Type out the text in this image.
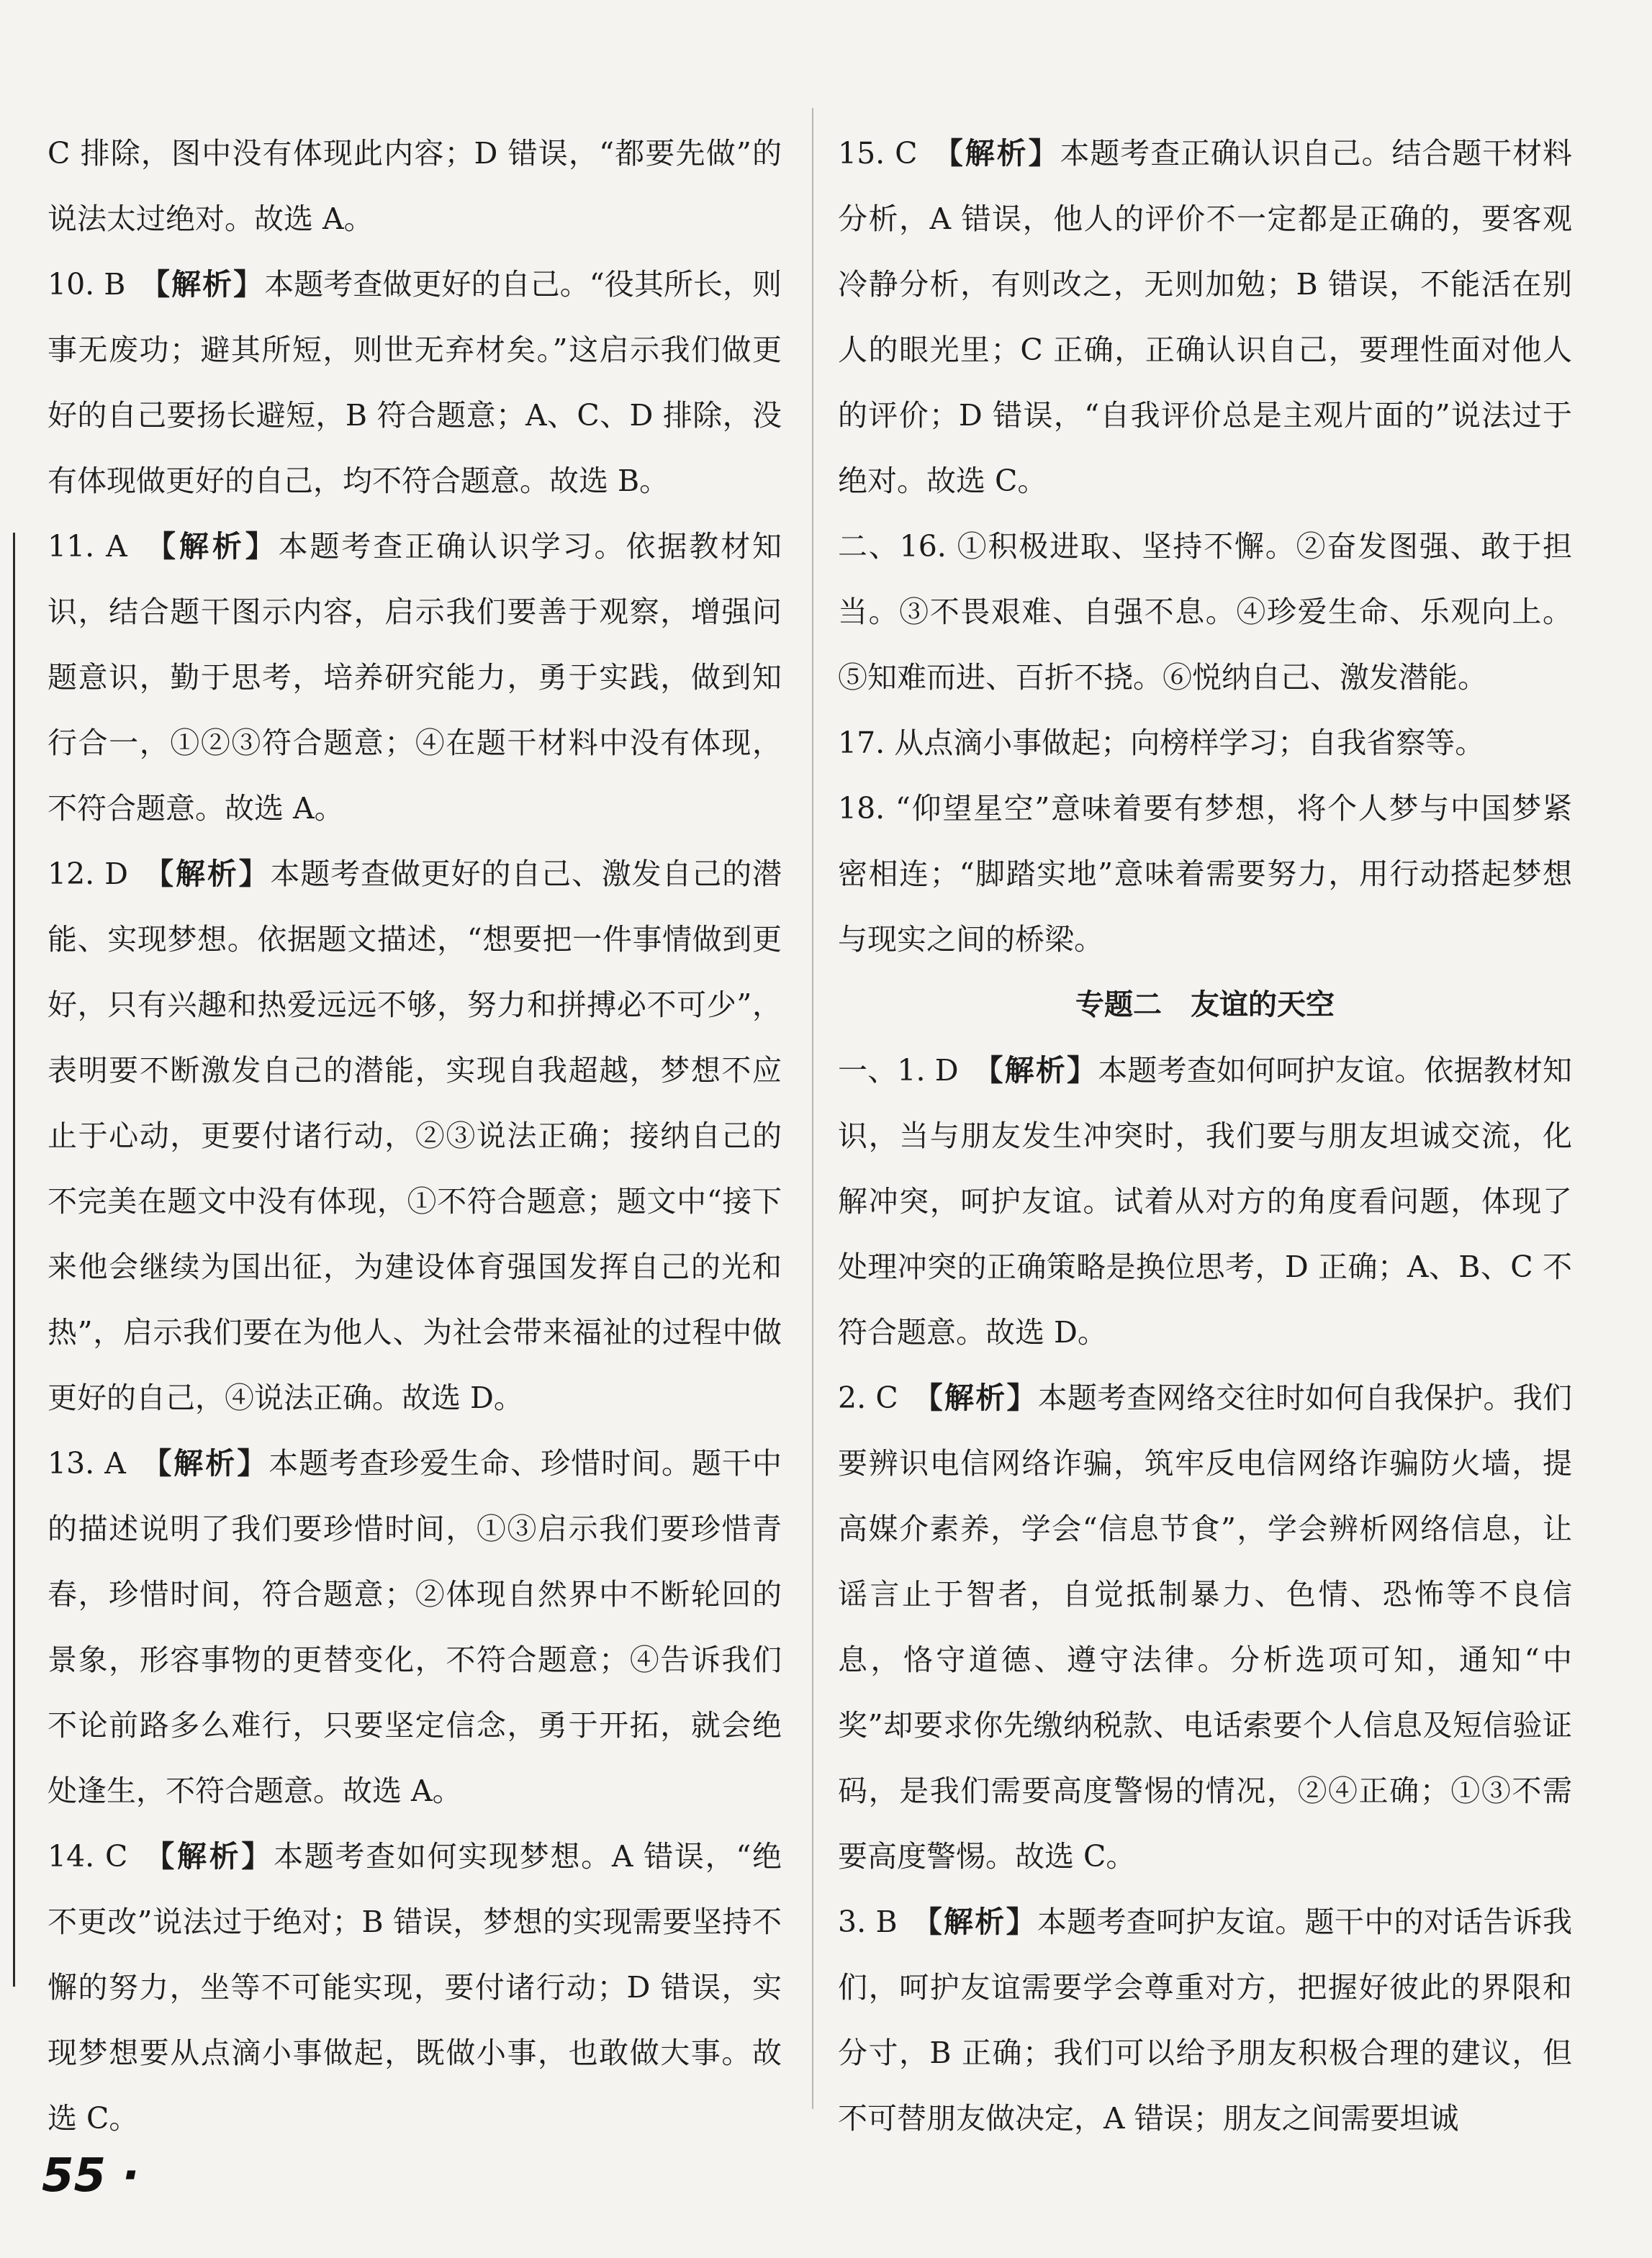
C 排除，图中没有体现此内容；D 错误，“都要先做”的说法太过绝对。故选 A。

10. B　 【解析】本题考查做更好的自己。“役其所长，则事无废功；避其所短，则世无弃材矣。”这启示我们做更好的自己要扬长避短，B 符合题意；A、C、D 排除，没有体现做更好的自己，均不符合题意。故选 B。

11. A　 【解析】本题考查正确认识学习。依据教材知识，结合题干图示内容，启示我们要善于观察，增强问题意识，勤于思考，培养研究能力，勇于实践，做到知行合一，①②③符合题意；④在题干材料中没有体现，不符合题意。故选 A。

12. D　 【解析】本题考查做更好的自己、激发自己的潜能、实现梦想。依据题文描述，“想要把一件事情做到更好，只有兴趣和热爱远远不够，努力和拼搏必不可少”，表明要不断激发自己的潜能，实现自我超越，梦想不应止于心动，更要付诸行动，②③说法正确；接纳自己的不完美在题文中没有体现，①不符合题意；题文中“接下来他会继续为国出征，为建设体育强国发挥自己的光和热”，启示我们要在为他人、为社会带来福祉的过程中做更好的自己，④说法正确。故选 D。

13. A　 【解析】本题考查珍爱生命、珍惜时间。题干中的描述说明了我们要珍惜时间，①③启示我们要珍惜青春，珍惜时间，符合题意；②体现自然界中不断轮回的景象，形容事物的更替变化，不符合题意；④告诉我们不论前路多么难行，只要坚定信念，勇于开拓，就会绝处逢生，不符合题意。故选 A。

14. C　 【解析】本题考查如何实现梦想。A 错误，“绝不更改”说法过于绝对；B 错误，梦想的实现需要坚持不懈的努力，坐等不可能实现，要付诸行动；D 错误，实现梦想要从点滴小事做起，既做小事，也敢做大事。故选 C。

15. C　 【解析】本题考查正确认识自己。结合题干材料分析，A 错误，他人的评价不一定都是正确的，要客观冷静分析，有则改之，无则加勉；B 错误，不能活在别人的眼光里；C 正确，正确认识自己，要理性面对他人的评价；D 错误，“自我评价总是主观片面的”说法过于绝对。故选 C。

二、16. ①积极进取、坚持不懈。②奋发图强、敢于担当。③不畏艰难、自强不息。④珍爱生命、乐观向上。⑤知难而进、百折不挠。⑥悦纳自己、激发潜能。

17. 从点滴小事做起；向榜样学习；自我省察等。

18. “仰望星空”意味着要有梦想，将个人梦与中国梦紧密相连；“脚踏实地”意味着需要努力，用行动搭起梦想与现实之间的桥梁。

专题二　友谊的天空

一、1. D　 【解析】本题考查如何呵护友谊。依据教材知识，当与朋友发生冲突时，我们要与朋友坦诚交流，化解冲突，呵护友谊。试着从对方的角度看问题，体现了处理冲突的正确策略是换位思考，D 正确；A、B、C 不符合题意。故选 D。

2. C　 【解析】本题考查网络交往时如何自我保护。我们要辨识电信网络诈骗，筑牢反电信网络诈骗防火墙，提高媒介素养，学会“信息节食”，学会辨析网络信息，让谣言止于智者，自觉抵制暴力、色情、恐怖等不良信息，恪守道德、遵守法律。分析选项可知，通知“中奖”却要求你先缴纳税款、电话索要个人信息及短信验证码，是我们需要高度警惕的情况，②④正确；①③不需要高度警惕。故选 C。

3. B　 【解析】本题考查呵护友谊。题干中的对话告诉我们，呵护友谊需要学会尊重对方，把握好彼此的界限和分寸，B 正确；我们可以给予朋友积极合理的建议，但不可替朋友做决定，A 错误；朋友之间需要坦诚

55 ·
